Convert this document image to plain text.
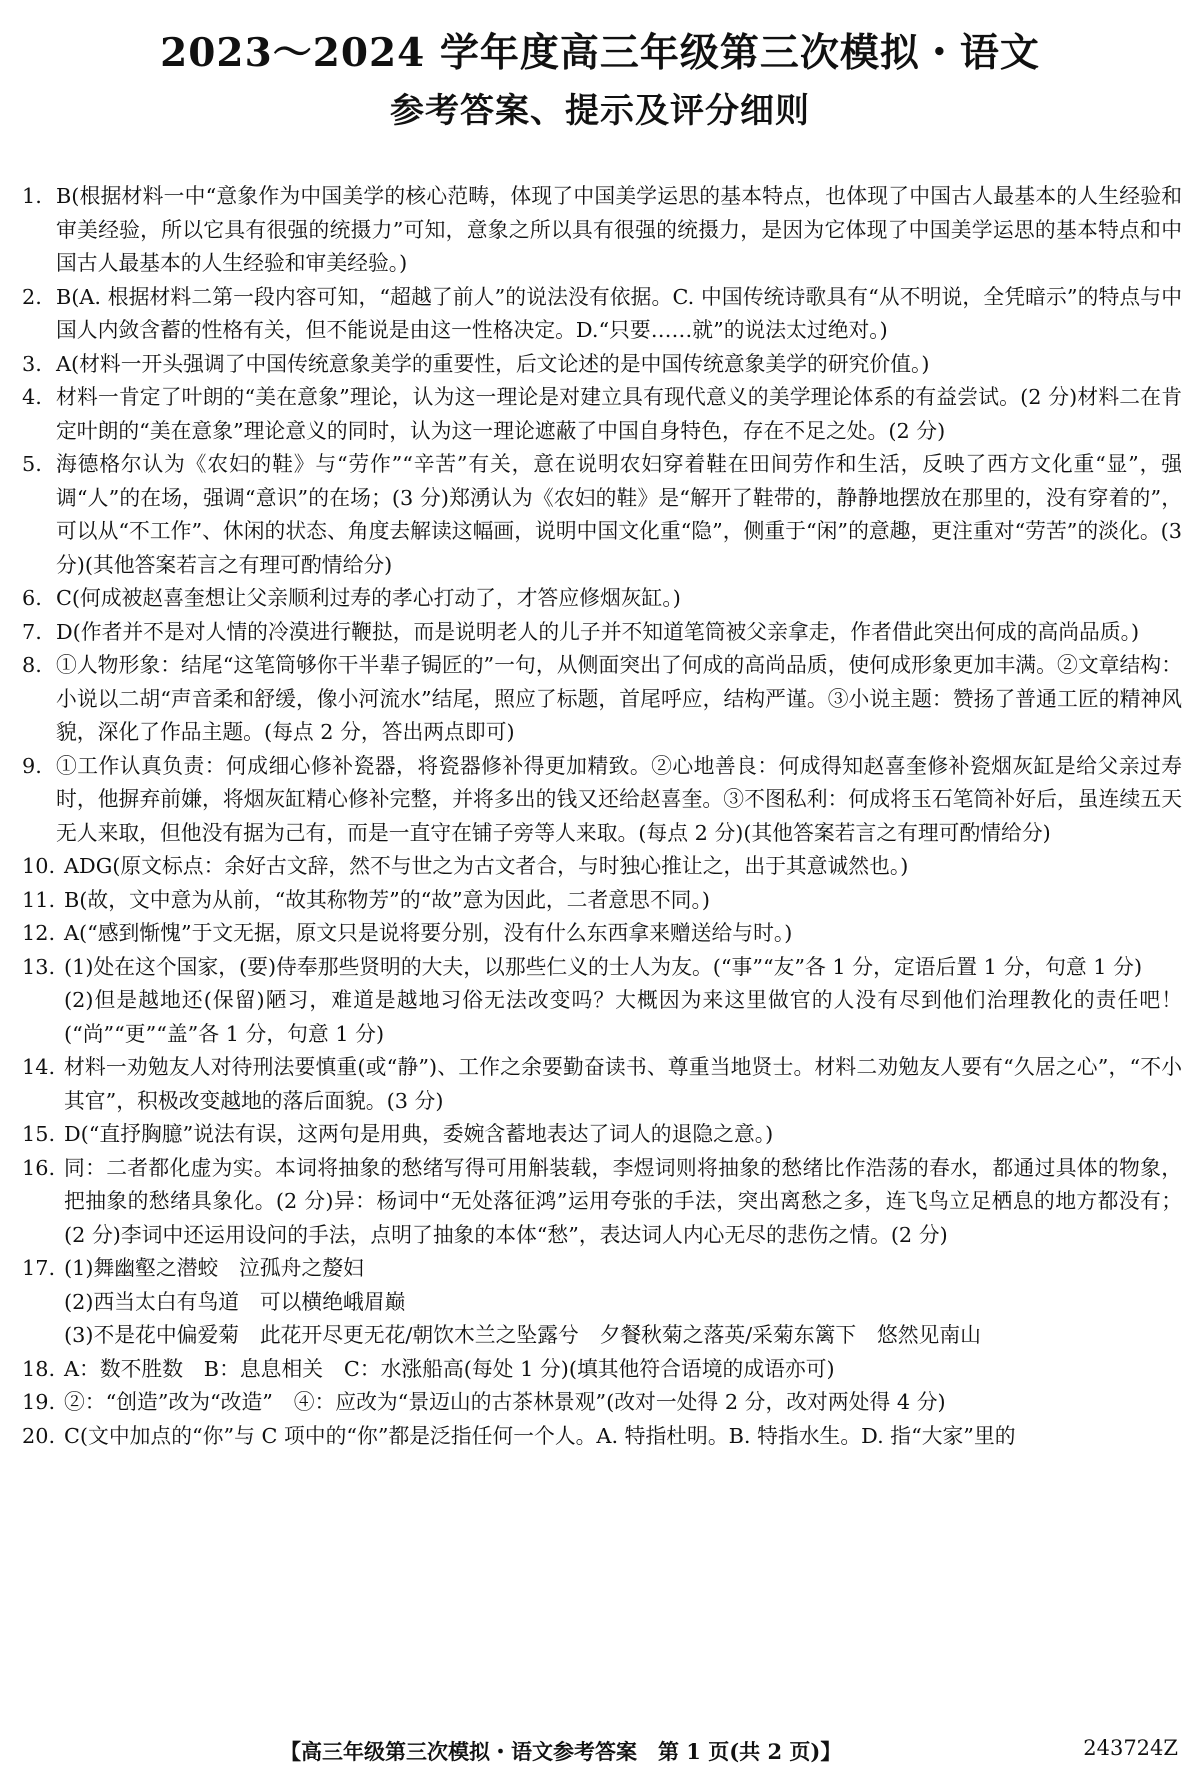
2023～2024 学年度高三年级第三次模拟・语文
参考答案、提示及评分细则
1. B(根据材料一中“意象作为中国美学的核心范畴，体现了中国美学运思的基本特点，也体现了中国古人最基本的人生经验和审美经验，所以它具有很强的统摄力”可知，意象之所以具有很强的统摄力，是因为它体现了中国美学运思的基本特点和中国古人最基本的人生经验和审美经验。)
2. B(A. 根据材料二第一段内容可知，“超越了前人”的说法没有依据。C. 中国传统诗歌具有“从不明说，全凭暗示”的特点与中国人内敛含蓄的性格有关，但不能说是由这一性格决定。D.“只要……就”的说法太过绝对。)
3. A(材料一开头强调了中国传统意象美学的重要性，后文论述的是中国传统意象美学的研究价值。)
4. 材料一肯定了叶朗的“美在意象”理论，认为这一理论是对建立具有现代意义的美学理论体系的有益尝试。(2 分)材料二在肯定叶朗的“美在意象”理论意义的同时，认为这一理论遮蔽了中国自身特色，存在不足之处。(2 分)
5. 海德格尔认为《农妇的鞋》与“劳作”“辛苦”有关，意在说明农妇穿着鞋在田间劳作和生活，反映了西方文化重“显”，强调“人”的在场，强调“意识”的在场；(3 分)郑湧认为《农妇的鞋》是“解开了鞋带的，静静地摆放在那里的，没有穿着的”，可以从“不工作”、休闲的状态、角度去解读这幅画，说明中国文化重“隐”，侧重于“闲”的意趣，更注重对“劳苦”的淡化。(3 分)(其他答案若言之有理可酌情给分)
6. C(何成被赵喜奎想让父亲顺利过寿的孝心打动了，才答应修烟灰缸。)
7. D(作者并不是对人情的冷漠进行鞭挞，而是说明老人的儿子并不知道笔筒被父亲拿走，作者借此突出何成的高尚品质。)
8. ①人物形象：结尾“这笔筒够你干半辈子锔匠的”一句，从侧面突出了何成的高尚品质，使何成形象更加丰满。②文章结构：小说以二胡“声音柔和舒缓，像小河流水”结尾，照应了标题，首尾呼应，结构严谨。③小说主题：赞扬了普通工匠的精神风貌，深化了作品主题。(每点 2 分，答出两点即可)
9. ①工作认真负责：何成细心修补瓷器，将瓷器修补得更加精致。②心地善良：何成得知赵喜奎修补瓷烟灰缸是给父亲过寿时，他摒弃前嫌，将烟灰缸精心修补完整，并将多出的钱又还给赵喜奎。③不图私利：何成将玉石笔筒补好后，虽连续五天无人来取，但他没有据为己有，而是一直守在铺子旁等人来取。(每点 2 分)(其他答案若言之有理可酌情给分)
10. ADG(原文标点：余好古文辞，然不与世之为古文者合，与时独心推让之，出于其意诚然也。)
11. B(故，文中意为从前，“故其称物芳”的“故”意为因此，二者意思不同。)
12. A(“感到惭愧”于文无据，原文只是说将要分别，没有什么东西拿来赠送给与时。)
13. (1)处在这个国家，(要)侍奉那些贤明的大夫，以那些仁义的士人为友。(“事”“友”各 1 分，定语后置 1 分，句意 1 分)
(2)但是越地还(保留)陋习，难道是越地习俗无法改变吗？大概因为来这里做官的人没有尽到他们治理教化的责任吧！(“尚”“更”“盖”各 1 分，句意 1 分)
14. 材料一劝勉友人对待刑法要慎重(或“静”)、工作之余要勤奋读书、尊重当地贤士。材料二劝勉友人要有“久居之心”，“不小其官”，积极改变越地的落后面貌。(3 分)
15. D(“直抒胸臆”说法有误，这两句是用典，委婉含蓄地表达了词人的退隐之意。)
16. 同：二者都化虚为实。本词将抽象的愁绪写得可用斛装载，李煜词则将抽象的愁绪比作浩荡的春水，都通过具体的物象，把抽象的愁绪具象化。(2 分)异：杨词中“无处落征鸿”运用夸张的手法，突出离愁之多，连飞鸟立足栖息的地方都没有；(2 分)李词中还运用设问的手法，点明了抽象的本体“愁”，表达词人内心无尽的悲伤之情。(2 分)
17. (1)舞幽壑之潜蛟　泣孤舟之嫠妇
(2)西当太白有鸟道　可以横绝峨眉巅
(3)不是花中偏爱菊　此花开尽更无花/朝饮木兰之坠露兮　夕餐秋菊之落英/采菊东篱下　悠然见南山
18. A：数不胜数　B：息息相关　C：水涨船高(每处 1 分)(填其他符合语境的成语亦可)
19. ②：“创造”改为“改造”　④：应改为“景迈山的古茶林景观”(改对一处得 2 分，改对两处得 4 分)
20. C(文中加点的“你”与 C 项中的“你”都是泛指任何一个人。A. 特指杜明。B. 特指水生。D. 指“大家”里的
【高三年级第三次模拟・语文参考答案　第 1 页(共 2 页)】	243724Z
